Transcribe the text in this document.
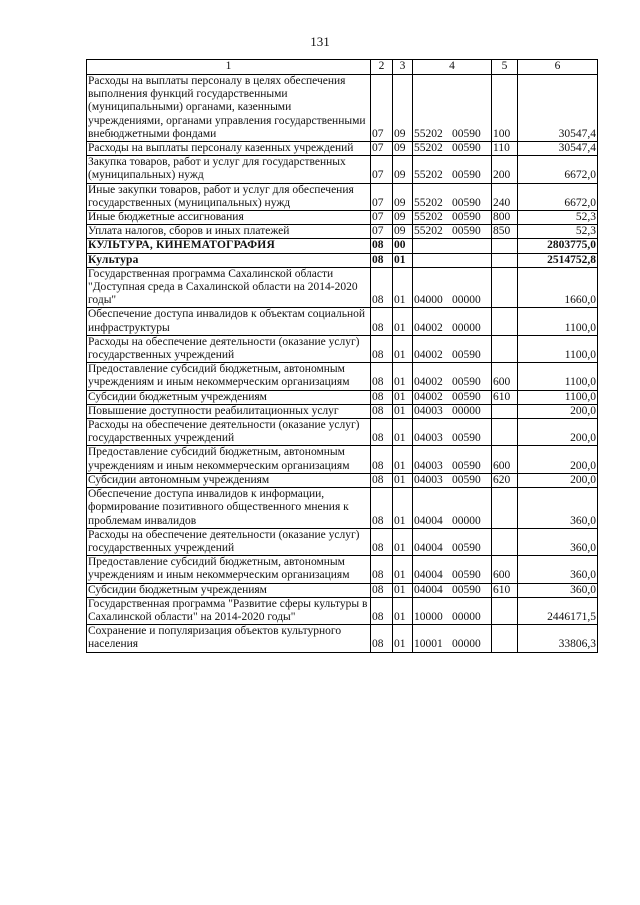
131
1	2	3	4	5	6
Расходы на выплаты персоналу в целях обеспечения выполнения функций государственными (муниципальными) органами, казенными учреждениями, органами управления государственными внебюджетными фондами	07	09	55202 00590	100	30547,4
Расходы на выплаты персоналу казенных учреждений	07	09	55202 00590	110	30547,4
Закупка товаров, работ и услуг для государственных (муниципальных) нужд	07	09	55202 00590	200	6672,0
Иные закупки товаров, работ и услуг для обеспечения государственных (муниципальных) нужд	07	09	55202 00590	240	6672,0
Иные бюджетные ассигнования	07	09	55202 00590	800	52,3
Уплата налогов, сборов и иных платежей	07	09	55202 00590	850	52,3
КУЛЬТУРА, КИНЕМАТОГРАФИЯ	08	00			2803775,0
Культура	08	01			2514752,8
Государственная программа Сахалинской области "Доступная среда в Сахалинской области на 2014-2020 годы"	08	01	04000 00000		1660,0
Обеспечение доступа инвалидов к объектам социальной инфраструктуры	08	01	04002 00000		1100,0
Расходы на обеспечение деятельности (оказание услуг) государственных учреждений	08	01	04002 00590		1100,0
Предоставление субсидий бюджетным, автономным учреждениям и иным некоммерческим организациям	08	01	04002 00590	600	1100,0
Субсидии бюджетным учреждениям	08	01	04002 00590	610	1100,0
Повышение доступности реабилитационных услуг	08	01	04003 00000		200,0
Расходы на обеспечение деятельности (оказание услуг) государственных учреждений	08	01	04003 00590		200,0
Предоставление субсидий бюджетным, автономным учреждениям и иным некоммерческим организациям	08	01	04003 00590	600	200,0
Субсидии автономным учреждениям	08	01	04003 00590	620	200,0
Обеспечение доступа инвалидов к информации, формирование позитивного общественного мнения к проблемам инвалидов	08	01	04004 00000		360,0
Расходы на обеспечение деятельности (оказание услуг) государственных учреждений	08	01	04004 00590		360,0
Предоставление субсидий бюджетным, автономным учреждениям и иным некоммерческим организациям	08	01	04004 00590	600	360,0
Субсидии бюджетным учреждениям	08	01	04004 00590	610	360,0
Государственная программа "Развитие сферы культуры в Сахалинской области" на 2014-2020 годы"	08	01	10000 00000		2446171,5
Сохранение и популяризация объектов культурного населения	08	01	10001 00000		33806,3
